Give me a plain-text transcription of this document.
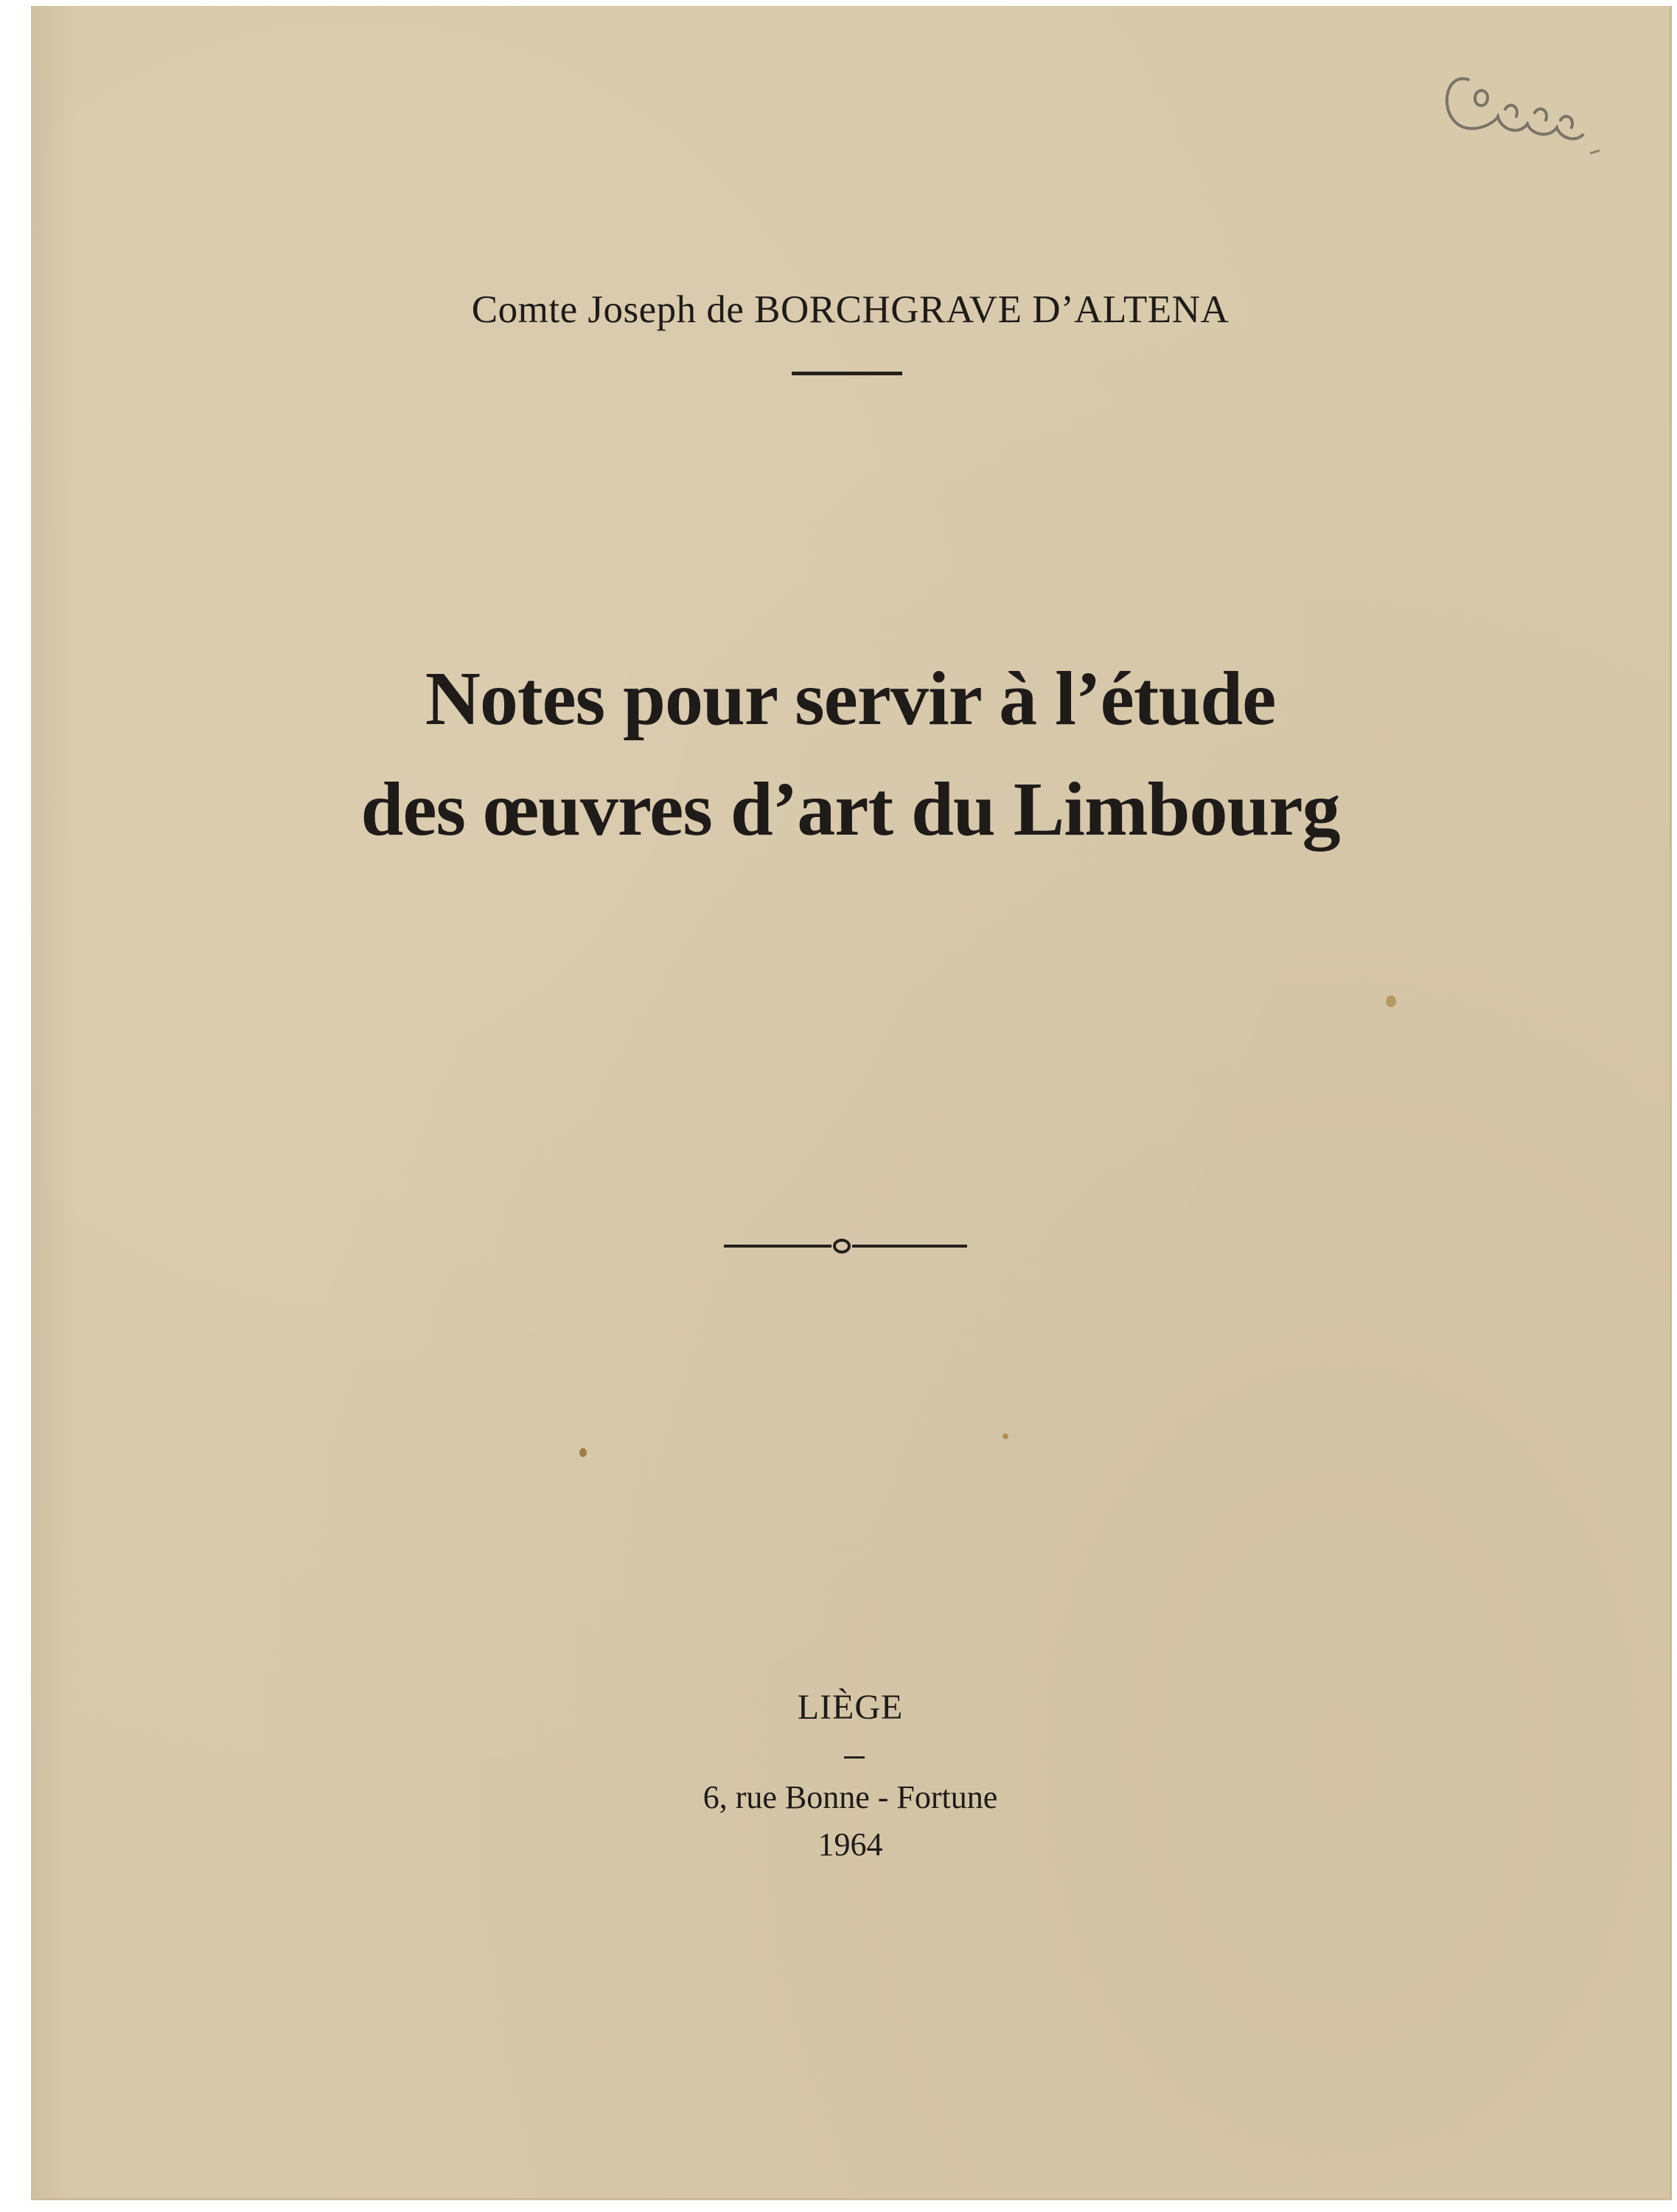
Comte Joseph de BORCHGRAVE D’ALTENA
Notes pour servir à l’étude
des œuvres d’art du Limbourg
LIÈGE
6, rue Bonne - Fortune
1964
